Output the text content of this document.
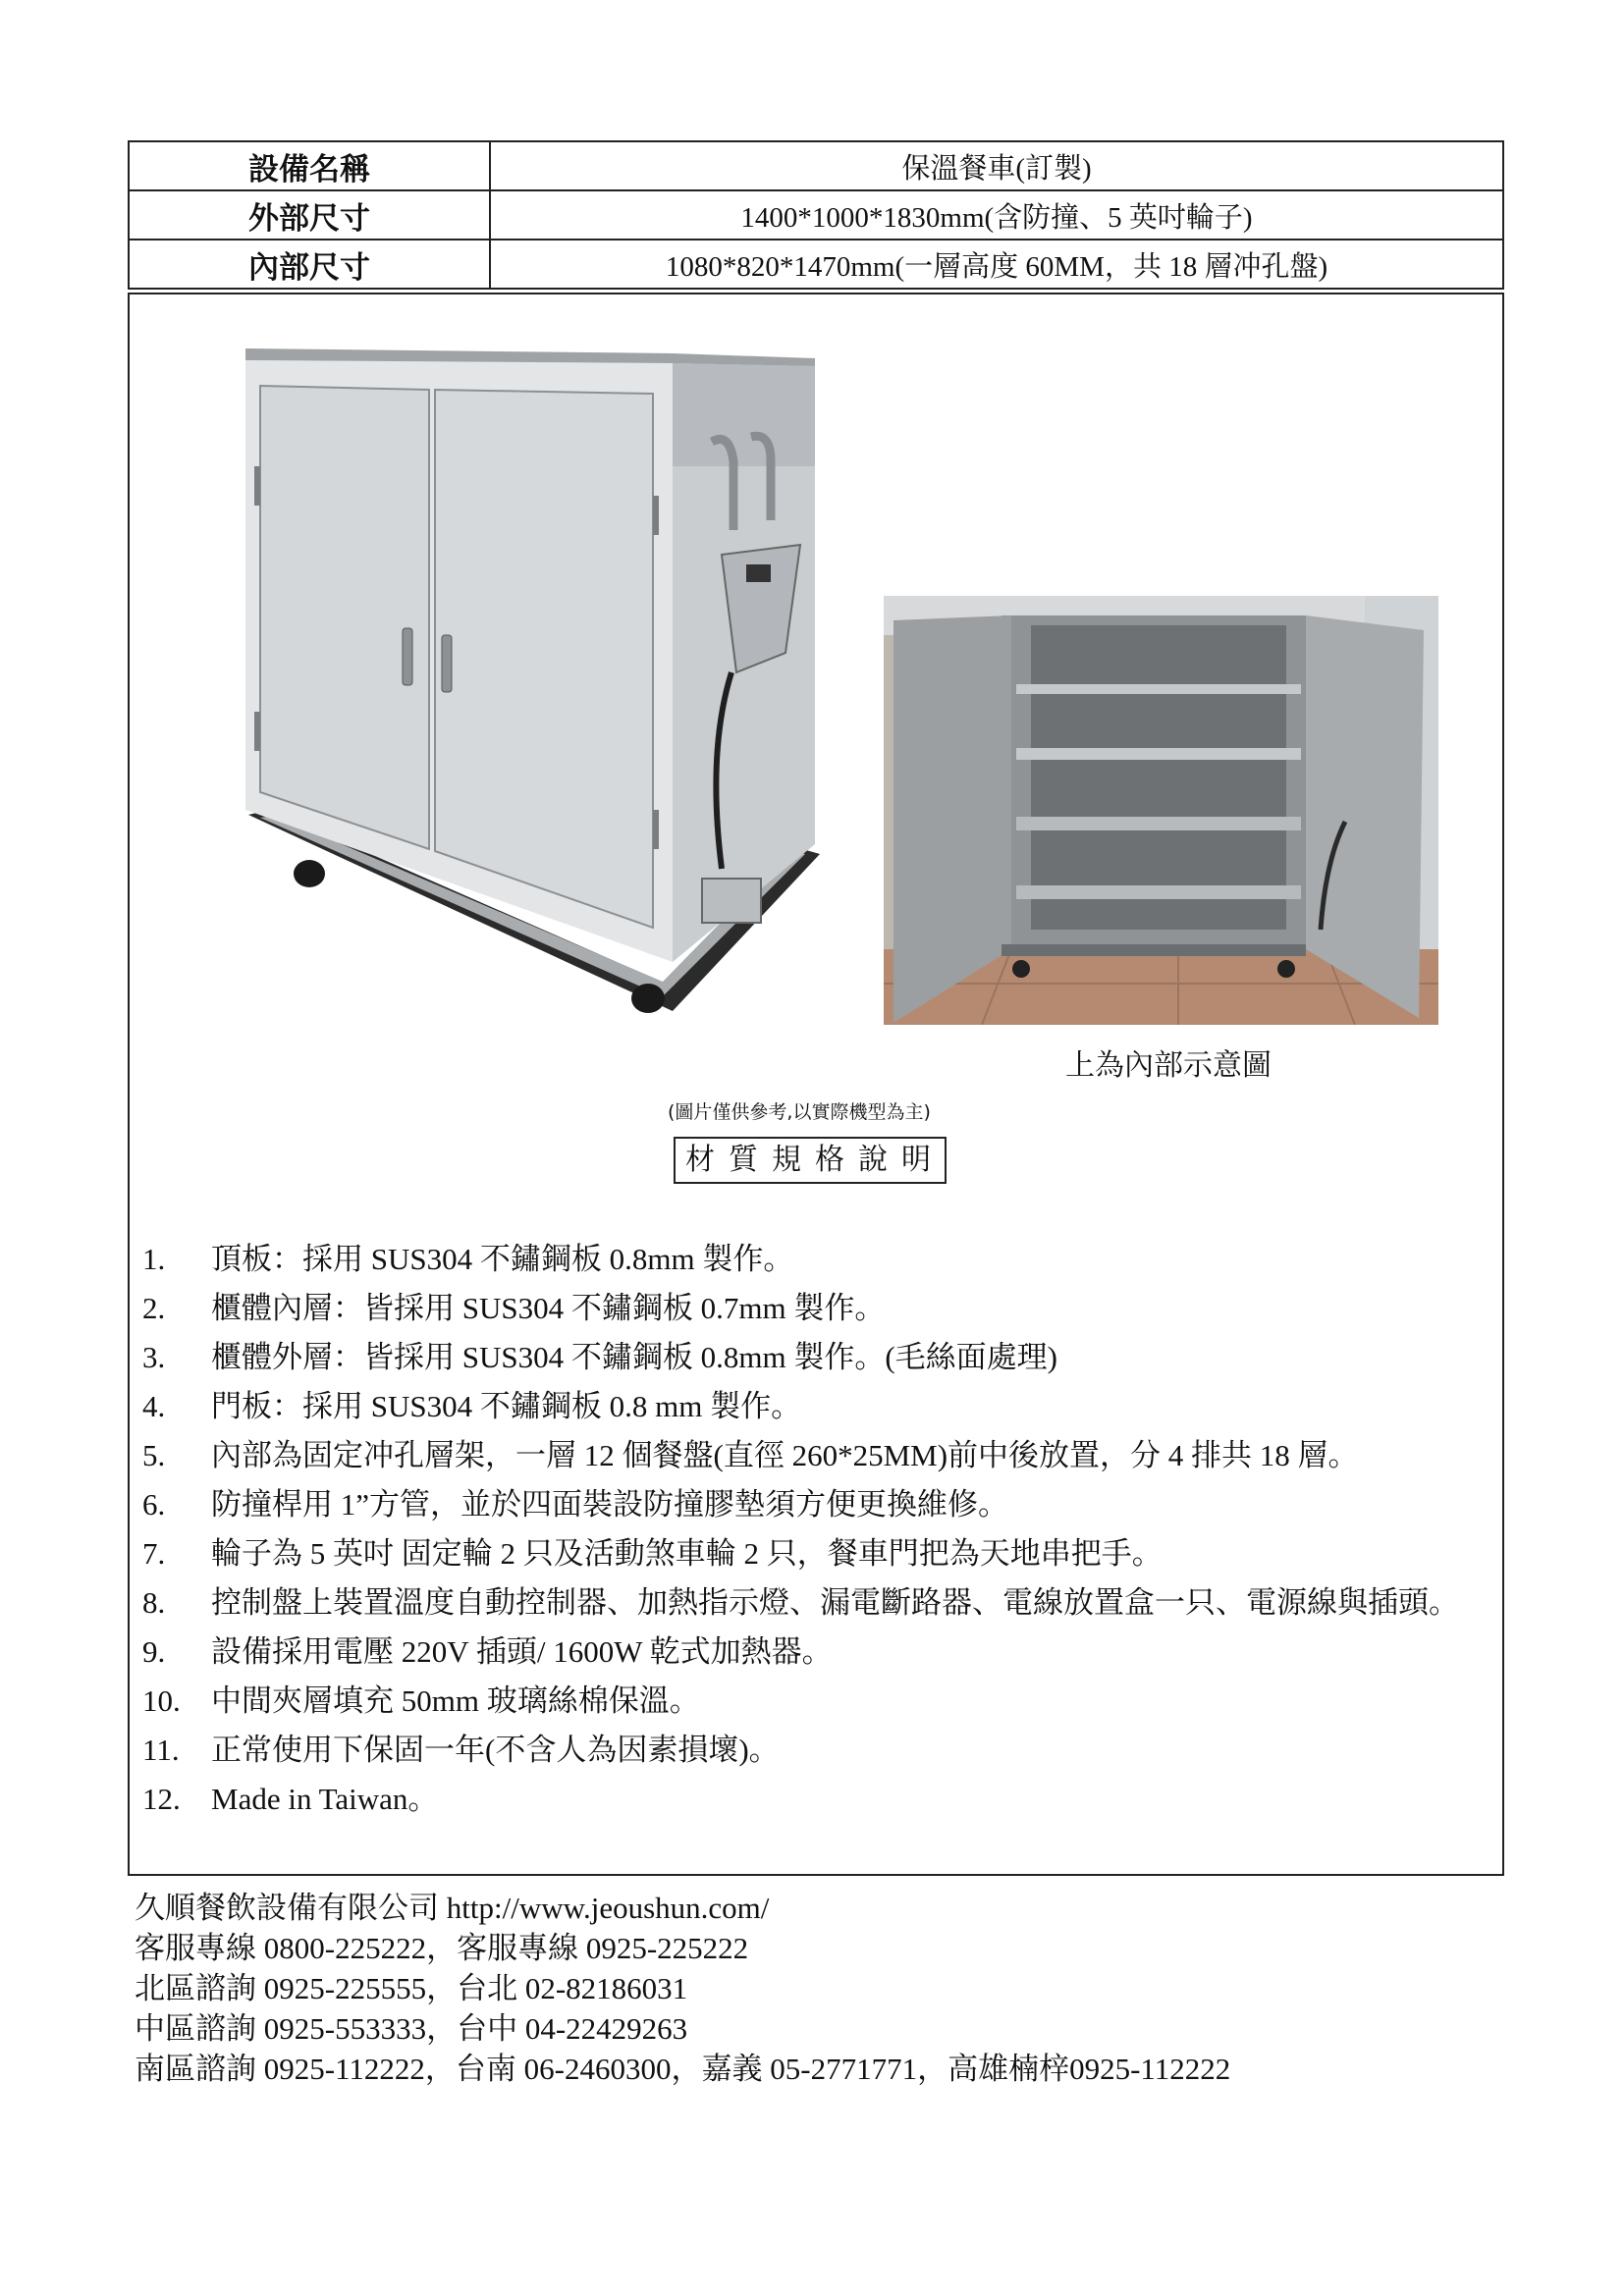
設備名稱	保溫餐車(訂製)
外部尺寸	1400*1000*1830mm(含防撞、5 英吋輪子)
內部尺寸	1080*820*1470mm(一層高度 60MM，共 18 層冲孔盤)
上為內部示意圖
(圖片僅供參考,以實際機型為主)
材質規格說明
1. 頂板：採用 SUS304 不鏽鋼板 0.8mm 製作。
2. 櫃體內層：皆採用 SUS304 不鏽鋼板 0.7mm 製作。
3. 櫃體外層：皆採用 SUS304 不鏽鋼板 0.8mm 製作。(毛絲面處理)
4. 門板：採用 SUS304 不鏽鋼板 0.8 mm 製作。
5. 內部為固定冲孔層架，一層 12 個餐盤(直徑 260*25MM)前中後放置，分 4 排共 18 層。
6. 防撞桿用 1”方管，並於四面裝設防撞膠墊須方便更換維修。
7. 輪子為 5 英吋 固定輪 2 只及活動煞車輪 2 只，餐車門把為天地串把手。
8. 控制盤上裝置溫度自動控制器、加熱指示燈、漏電斷路器、電線放置盒一只、電源線與插頭。
9. 設備採用電壓 220V 插頭/ 1600W 乾式加熱器。
10. 中間夾層填充 50mm 玻璃絲棉保溫。
11. 正常使用下保固一年(不含人為因素損壞)。
12. Made in Taiwan。
久順餐飲設備有限公司 http://www.jeoushun.com/
客服專線 0800-225222，客服專線 0925-225222
北區諮詢 0925-225555，台北 02-82186031
中區諮詢 0925-553333，台中 04-22429263
南區諮詢 0925-112222，台南 06-2460300，嘉義 05-2771771，高雄楠梓0925-112222
